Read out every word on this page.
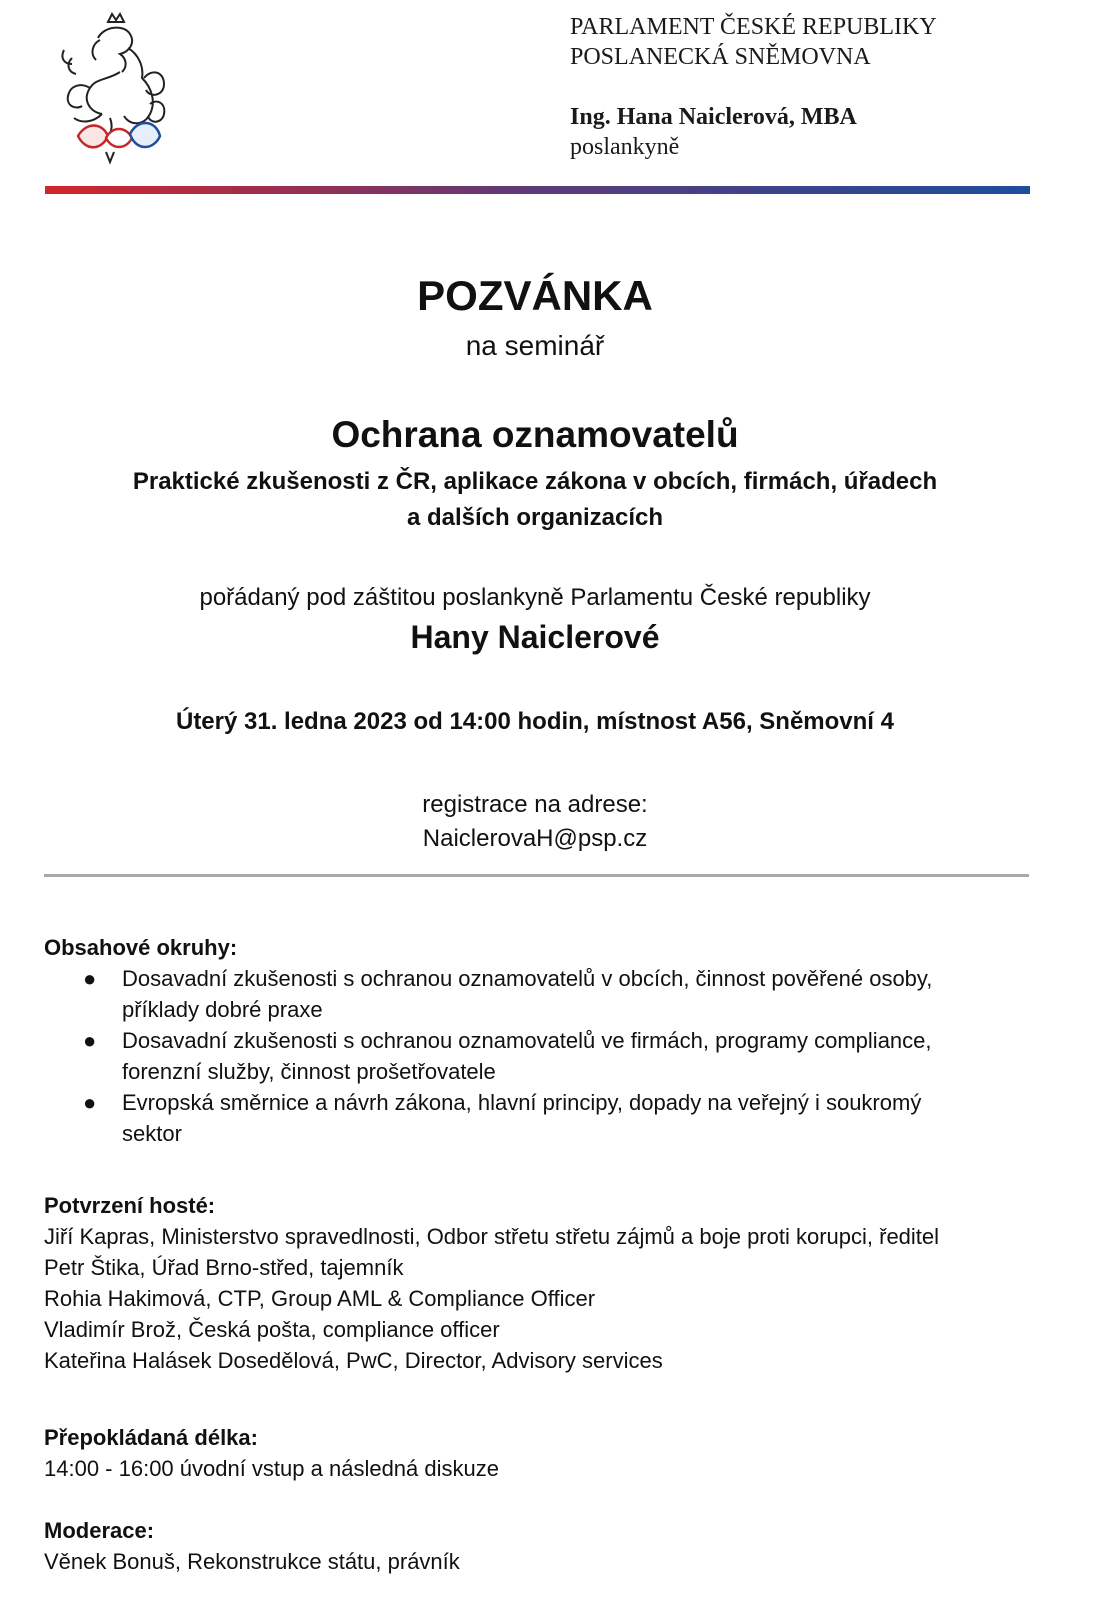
PARLAMENT ČESKÉ REPUBLIKY
POSLANECKÁ SNĚMOVNA
Ing. Hana Naiclerová, MBA
poslankyně
POZVÁNKA
na seminář
Ochrana oznamovatelů
Praktické zkušenosti z ČR, aplikace zákona v obcích, firmách, úřadech
a dalších organizacích
pořádaný pod záštitou poslankyně Parlamentu České republiky
Hany Naiclerové
Úterý 31. ledna 2023 od 14:00 hodin, místnost A56, Sněmovní 4
registrace na adrese:
NaiclerovaH@psp.cz
Obsahové okruhy:
● Dosavadní zkušenosti s ochranou oznamovatelů v obcích, činnost pověřené osoby,
příklady dobré praxe
● Dosavadní zkušenosti s ochranou oznamovatelů ve firmách, programy compliance,
forenzní služby, činnost prošetřovatele
● Evropská směrnice a návrh zákona, hlavní principy, dopady na veřejný i soukromý
sektor
Potvrzení hosté:
Jiří Kapras, Ministerstvo spravedlnosti, Odbor střetu střetu zájmů a boje proti korupci, ředitel
Petr Štika, Úřad Brno-střed, tajemník
Rohia Hakimová, CTP, Group AML & Compliance Officer
Vladimír Brož, Česká pošta, compliance officer
Kateřina Halásek Dosedělová, PwC, Director, Advisory services
Přepokládaná délka:
14:00 - 16:00 úvodní vstup a následná diskuze
Moderace:
Věnek Bonuš, Rekonstrukce státu, právník
